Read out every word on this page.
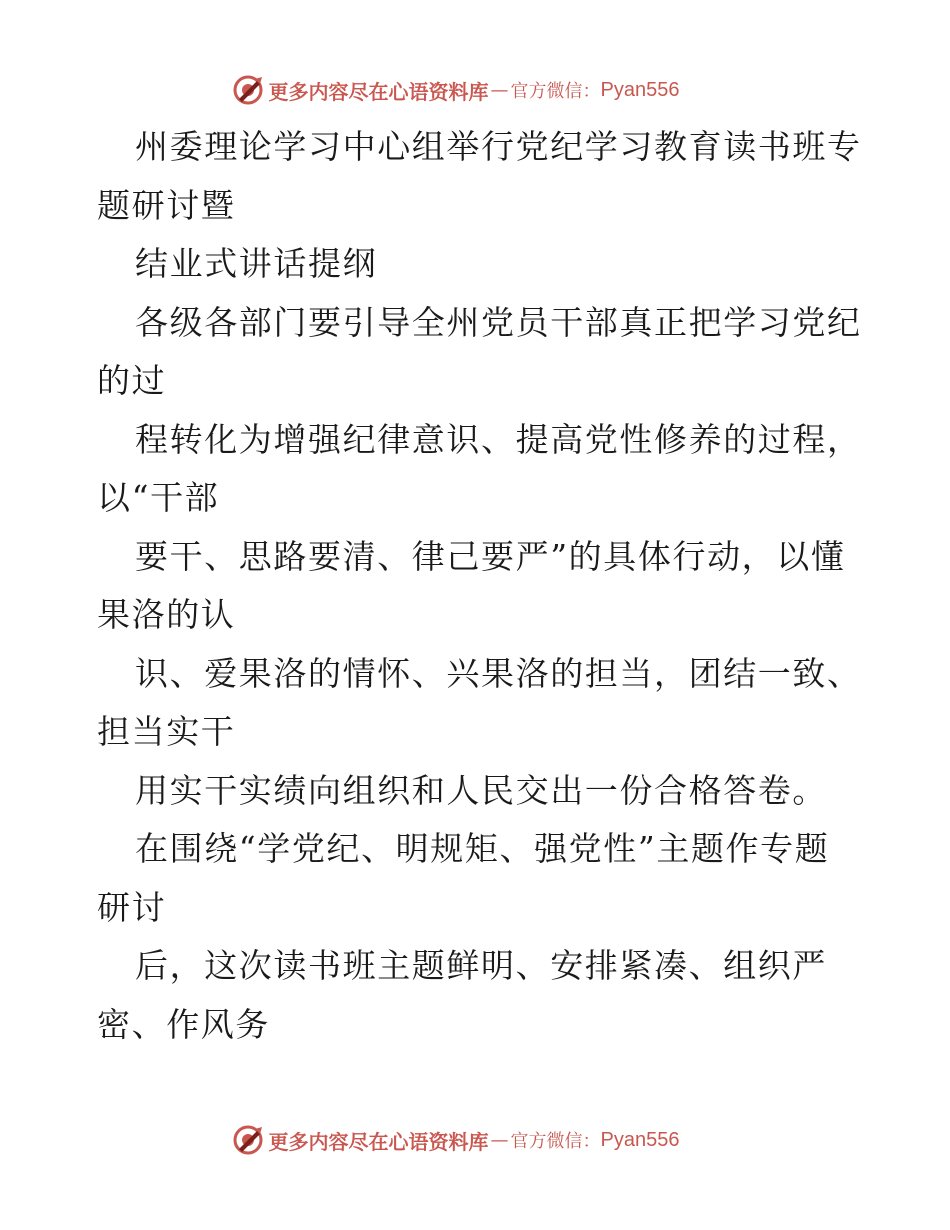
更多内容尽在心语资料库 — 官方微信： Pyan556
州委理论学习中心组举行党纪学习教育读书班专
题研讨暨
结业式讲话提纲
各级各部门要引导全州党员干部真正把学习党纪
的过
程转化为增强纪律意识、提高党性修养的过程，
以“干部
要干、思路要清、律己要严”的具体行动，以懂
果洛的认
识、爱果洛的情怀、兴果洛的担当，团结一致、
担当实干
用实干实绩向组织和人民交出一份合格答卷。
在围绕“学党纪、明规矩、强党性”主题作专题
研讨
后，这次读书班主题鲜明、安排紧凑、组织严
密、作风务
更多内容尽在心语资料库 — 官方微信： Pyan556
